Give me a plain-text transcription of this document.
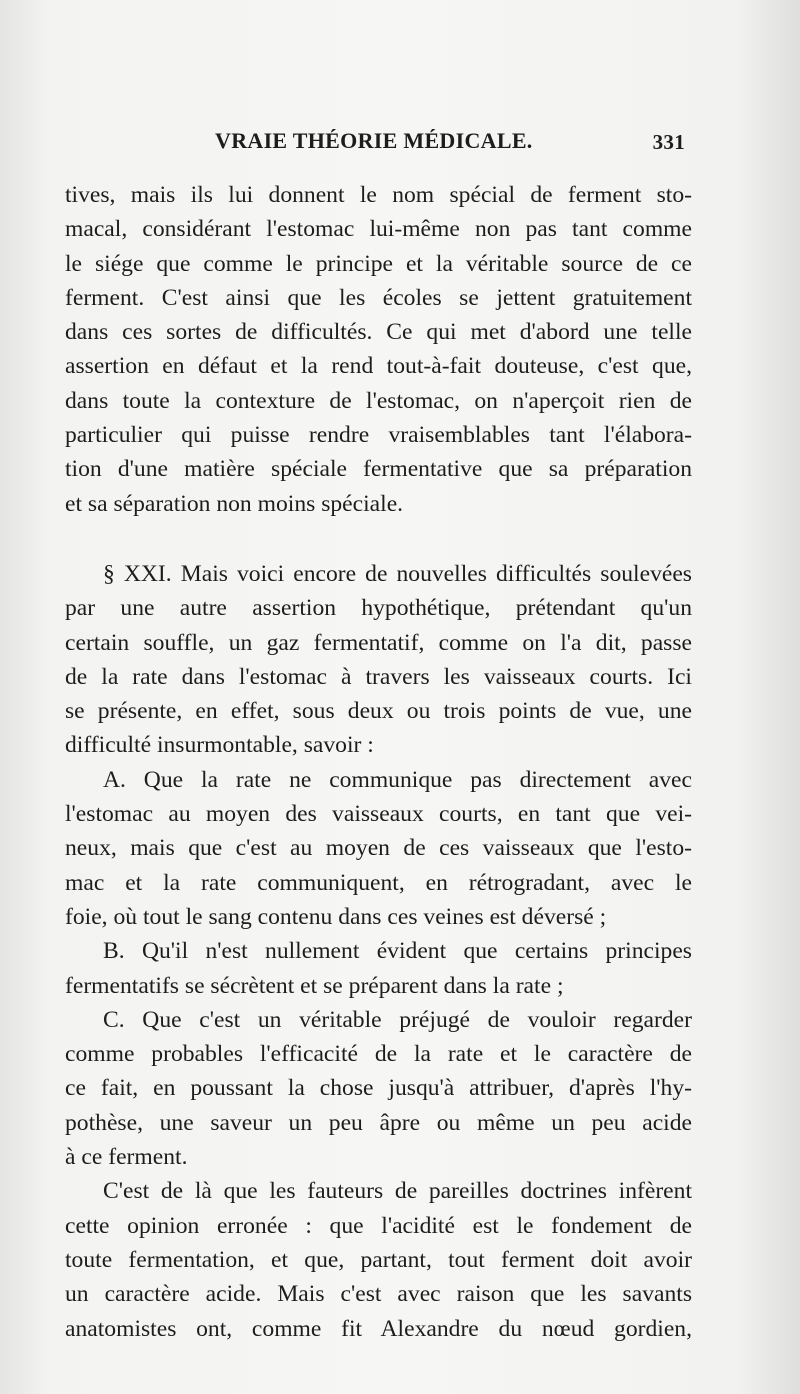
VRAIE THÉORIE MÉDICALE.	331
tives, mais ils lui donnent le nom spécial de ferment sto-
macal, considérant l'estomac lui-même non pas tant comme
le siége que comme le principe et la véritable source de ce
ferment. C'est ainsi que les écoles se jettent gratuitement
dans ces sortes de difficultés. Ce qui met d'abord une telle
assertion en défaut et la rend tout-à-fait douteuse, c'est que,
dans toute la contexture de l'estomac, on n'aperçoit rien de
particulier qui puisse rendre vraisemblables tant l'élabora-
tion d'une matière spéciale fermentative que sa préparation
et sa séparation non moins spéciale.
§ XXI. Mais voici encore de nouvelles difficultés soulevées
par une autre assertion hypothétique, prétendant qu'un
certain souffle, un gaz fermentatif, comme on l'a dit, passe
de la rate dans l'estomac à travers les vaisseaux courts. Ici
se présente, en effet, sous deux ou trois points de vue, une
difficulté insurmontable, savoir :
A. Que la rate ne communique pas directement avec
l'estomac au moyen des vaisseaux courts, en tant que vei-
neux, mais que c'est au moyen de ces vaisseaux que l'esto-
mac et la rate communiquent, en rétrogradant, avec le
foie, où tout le sang contenu dans ces veines est déversé ;
B. Qu'il n'est nullement évident que certains principes
fermentatifs se sécrètent et se préparent dans la rate ;
C. Que c'est un véritable préjugé de vouloir regarder
comme probables l'efficacité de la rate et le caractère de
ce fait, en poussant la chose jusqu'à attribuer, d'après l'hy-
pothèse, une saveur un peu âpre ou même un peu acide
à ce ferment.
C'est de là que les fauteurs de pareilles doctrines infèrent
cette opinion erronée : que l'acidité est le fondement de
toute fermentation, et que, partant, tout ferment doit avoir
un caractère acide. Mais c'est avec raison que les savants
anatomistes ont, comme fit Alexandre du nœud gordien,
